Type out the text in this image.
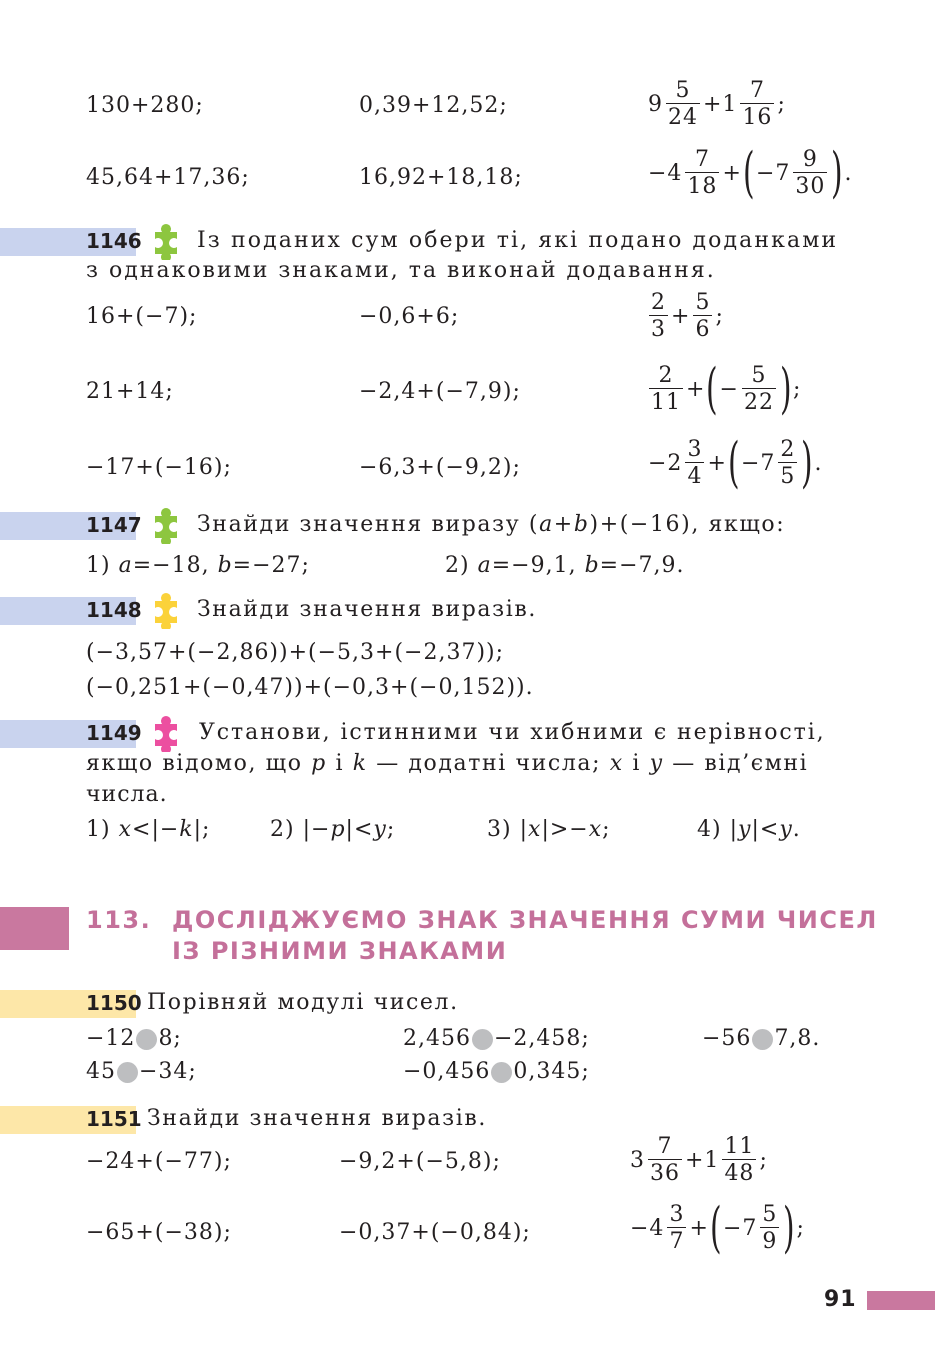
130+280;	0,39+12,52;	$9 \frac{5}{24} +1 \frac{7}{16}$ ;
45,64+17,36;	16,92+18,18;	$-4 \frac{7}{18}$ + ( $-7 \frac{9}{30}$ ) .
1146	Із поданих сум обери ті, які подано доданками
з однаковими знаками, та виконай додавання.
16+(−7);	−0,6+6;	$\frac{2}{3} + \frac{5}{6}$ ;
21+14;	−2,4+(−7,9);	$\frac{2}{11}$ + ( − $\frac{5}{22}$ ) ;
−17+(−16);	−6,3+(−9,2);	$-2 \frac{3}{4}$ + ( $-7 \frac{2}{5}$ ) .
1147	Знайди значення виразу (a+b)+(−16), якщо:
1) a=−18, b=−27;	2) a=−9,1, b=−7,9.
1148	Знайди значення виразів.
(−3,57+(−2,86))+(−5,3+(−2,37));
(−0,251+(−0,47))+(−0,3+(−0,152)).
1149	Установи, істинними чи хибними є нерівності,
якщо відомо, що p і k — додатні числа; x і y — від’ємні
числа.
1) x<|−k|;	2) |−p|<y;	3) |x|>−x;	4) |y|<y.
113. ДОСЛІДЖУЄМО ЗНАК ЗНАЧЕННЯ СУМИ ЧИСЕЛ
ІЗ РІЗНИМИ ЗНАКАМИ
1150 Порівняй модулі чисел.
−12 8;	2,456 −2,458;	−56 7,8.
45 −34;	−0,456 0,345;
1151 Знайди значення виразів.
−24+(−77);	−9,2+(−5,8);	$3 \frac{7}{36} +1 \frac{11}{48}$ ;
−65+(−38);	−0,37+(−0,84);	$-4 \frac{3}{7}$ + ( $-7 \frac{5}{9}$ ) ;
91
